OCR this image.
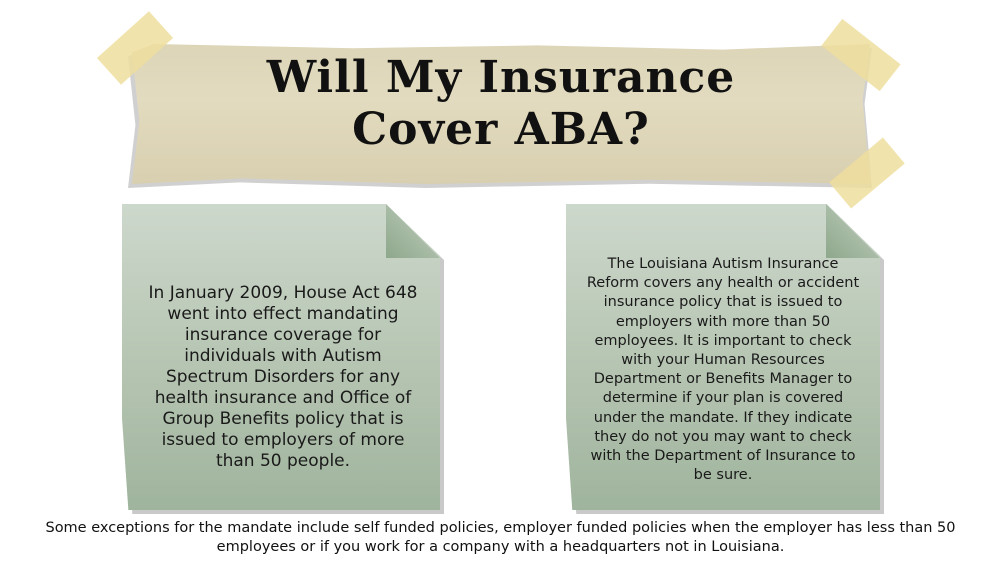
Will My Insurance
Cover ABA?
In January 2009, House Act 648 went into effect mandating insurance coverage for individuals with Autism Spectrum Disorders for any health insurance and Office of Group Benefits policy that is issued to employers of more than 50 people.
The Louisiana Autism Insurance Reform covers any health or accident insurance policy that is issued to employers with more than 50 employees. It is important to check with your Human Resources Department or Benefits Manager to determine if your plan is covered under the mandate. If they indicate they do not you may want to check with the Department of Insurance to be sure.
Some exceptions for the mandate include self funded policies, employer funded policies when the employer has less than 50 employees or if you work for a company with a headquarters not in Louisiana.
